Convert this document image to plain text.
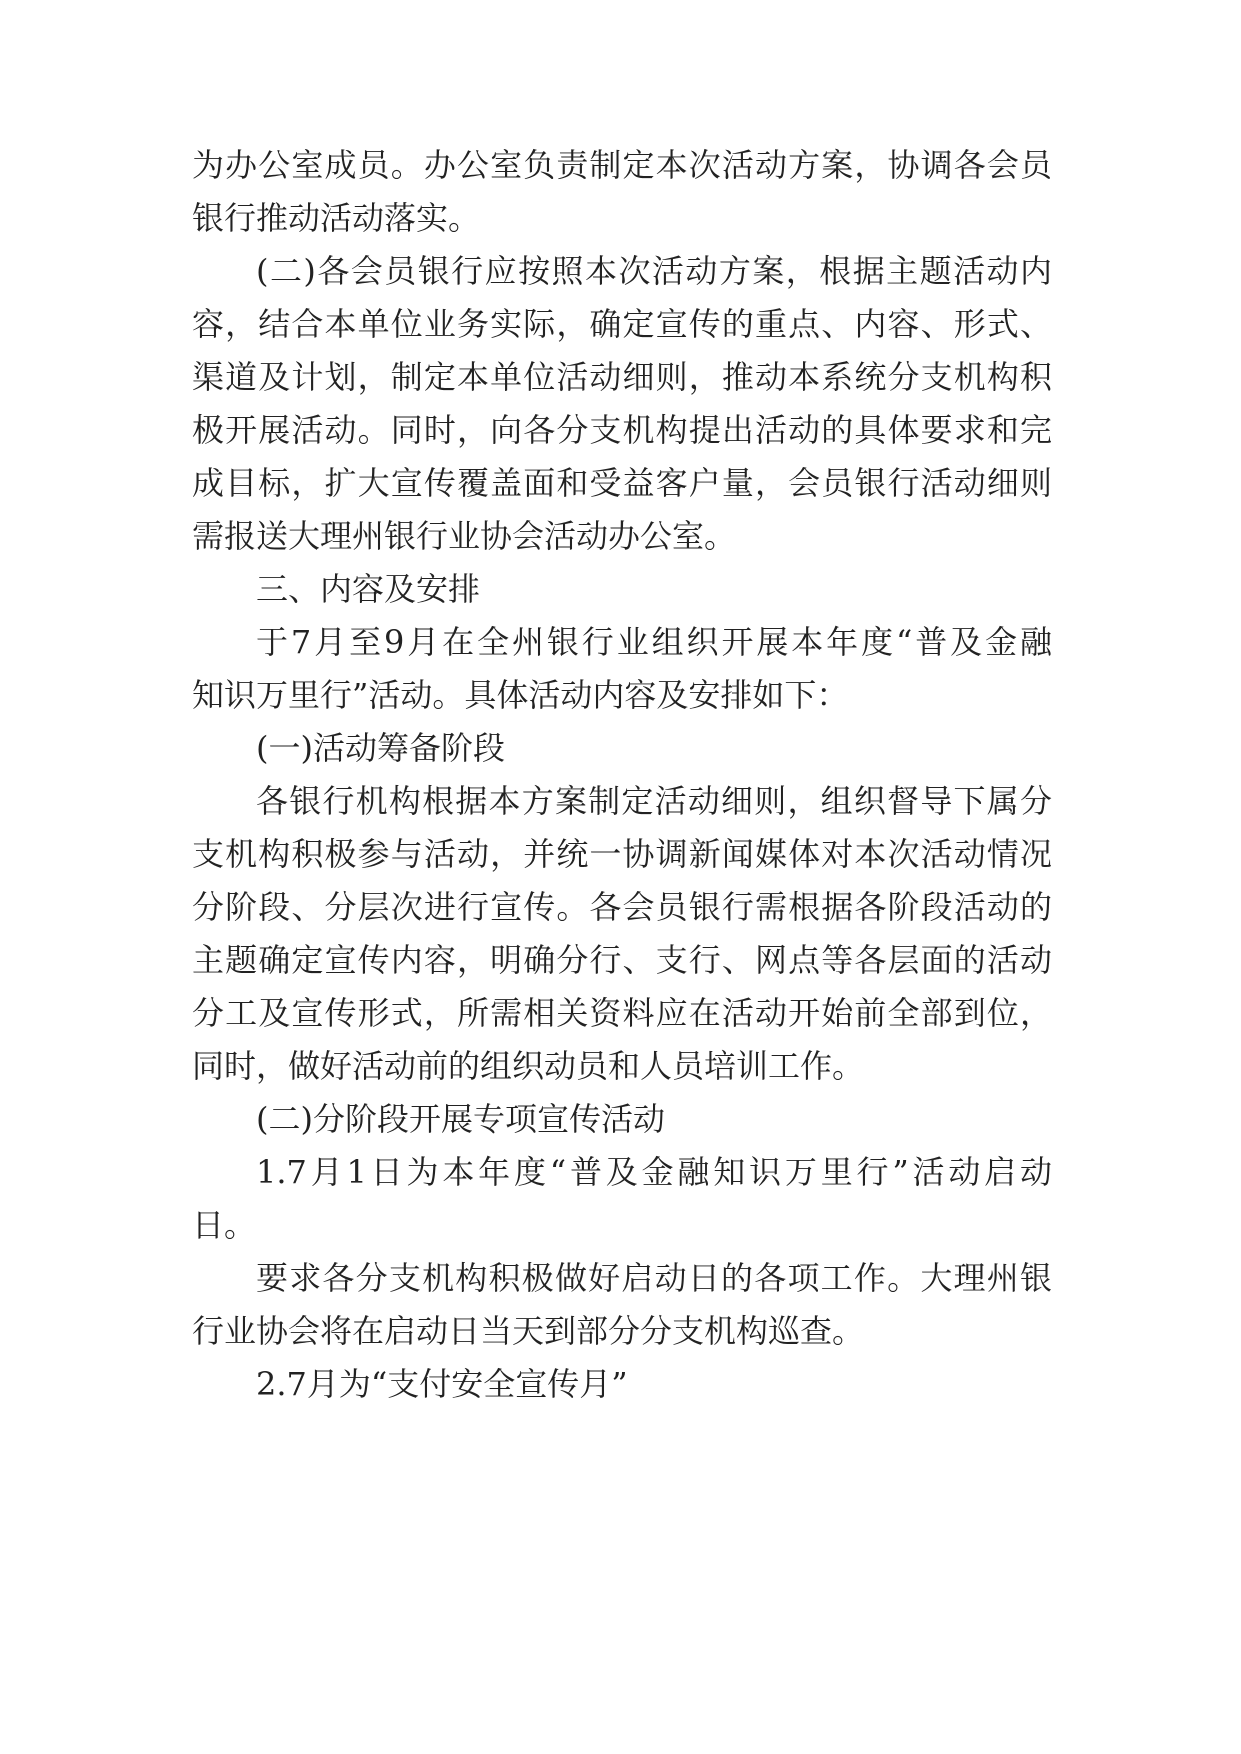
为办公室成员。办公室负责制定本次活动方案，协调各会员
银行推动活动落实。
(二)各会员银行应按照本次活动方案，根据主题活动内
容，结合本单位业务实际，确定宣传的重点、内容、形式、
渠道及计划，制定本单位活动细则，推动本系统分支机构积
极开展活动。同时，向各分支机构提出活动的具体要求和完
成目标，扩大宣传覆盖面和受益客户量，会员银行活动细则
需报送大理州银行业协会活动办公室。
三、内容及安排
于7月至9月在全州银行业组织开展本年度“普及金融
知识万里行”活动。具体活动内容及安排如下：
(一)活动筹备阶段
各银行机构根据本方案制定活动细则，组织督导下属分
支机构积极参与活动，并统一协调新闻媒体对本次活动情况
分阶段、分层次进行宣传。各会员银行需根据各阶段活动的
主题确定宣传内容，明确分行、支行、网点等各层面的活动
分工及宣传形式，所需相关资料应在活动开始前全部到位，
同时，做好活动前的组织动员和人员培训工作。
(二)分阶段开展专项宣传活动
1.7月1日为本年度“普及金融知识万里行”活动启动
日。
要求各分支机构积极做好启动日的各项工作。大理州银
行业协会将在启动日当天到部分分支机构巡查。
2.7月为“支付安全宣传月”
